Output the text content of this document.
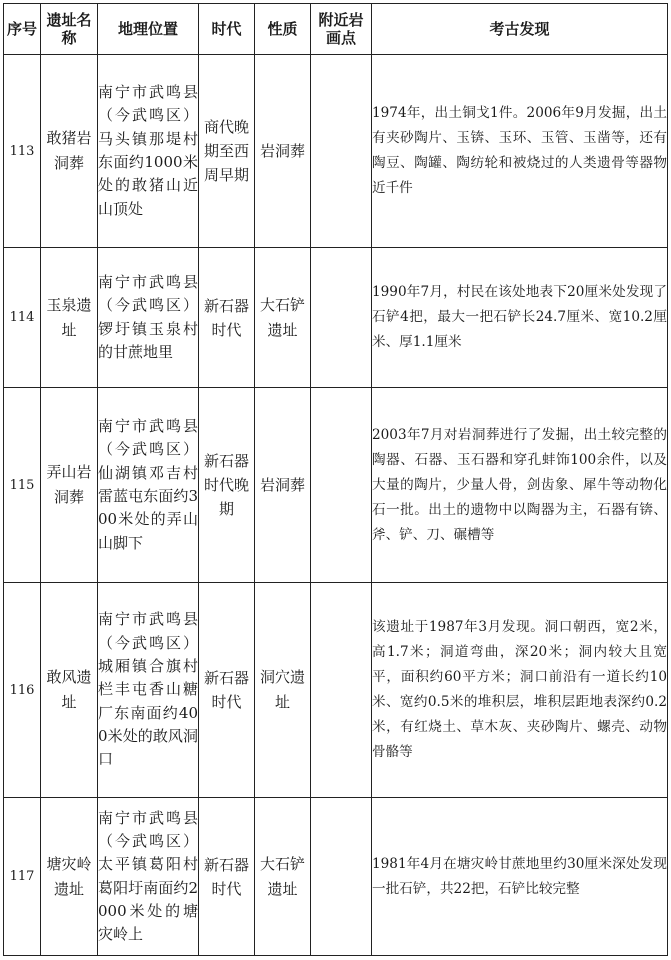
序号	遗址名称	地理位置	时代	性质	附近岩画点	考古发现

113	敢猪岩洞葬	南宁市武鸣县（今武鸣区）马头镇那堤村东面约1000米处的敢猪山近山顶处	商代晚期至西周早期	岩洞葬		1974年，出土铜戈1件。2006年9月发掘，出土有夹砂陶片、玉锛、玉环、玉管、玉凿等，还有陶豆、陶罐、陶纺轮和被烧过的人类遗骨等器物近千件
114	玉泉遗址	南宁市武鸣县（今武鸣区）锣圩镇玉泉村的甘蔗地里	新石器时代	大石铲遗址		1990年7月，村民在该处地表下20厘米处发现了石铲4把，最大一把石铲长24.7厘米、宽10.2厘米、厚1.1厘米
115	弄山岩洞葬	南宁市武鸣县（今武鸣区）仙湖镇邓吉村雷蓝屯东面约300米处的弄山山脚下	新石器时代晚期	岩洞葬		2003年7月对岩洞葬进行了发掘，出土较完整的陶器、石器、玉石器和穿孔蚌饰100余件，以及大量的陶片，少量人骨，剑齿象、犀牛等动物化石一批。出土的遗物中以陶器为主，石器有锛、斧、铲、刀、碾槽等
116	敢风遗址	南宁市武鸣县（今武鸣区）城厢镇合旗村栏丰屯香山糖厂东南面约400米处的敢风洞口	新石器时代	洞穴遗址		该遗址于1987年3月发现。洞口朝西，宽2米，高1.7米；洞道弯曲，深20米；洞内较大且宽平，面积约60平方米；洞口前沿有一道长约10米、宽约0.5米的堆积层，堆积层距地表深约0.2米，有红烧土、草木灰、夹砂陶片、螺壳、动物骨骼等
117	塘灾岭遗址	南宁市武鸣县（今武鸣区）太平镇葛阳村葛阳圩南面约2000米处的塘灾岭上	新石器时代	大石铲遗址		1981年4月在塘灾岭甘蔗地里约30厘米深处发现一批石铲，共22把，石铲比较完整
